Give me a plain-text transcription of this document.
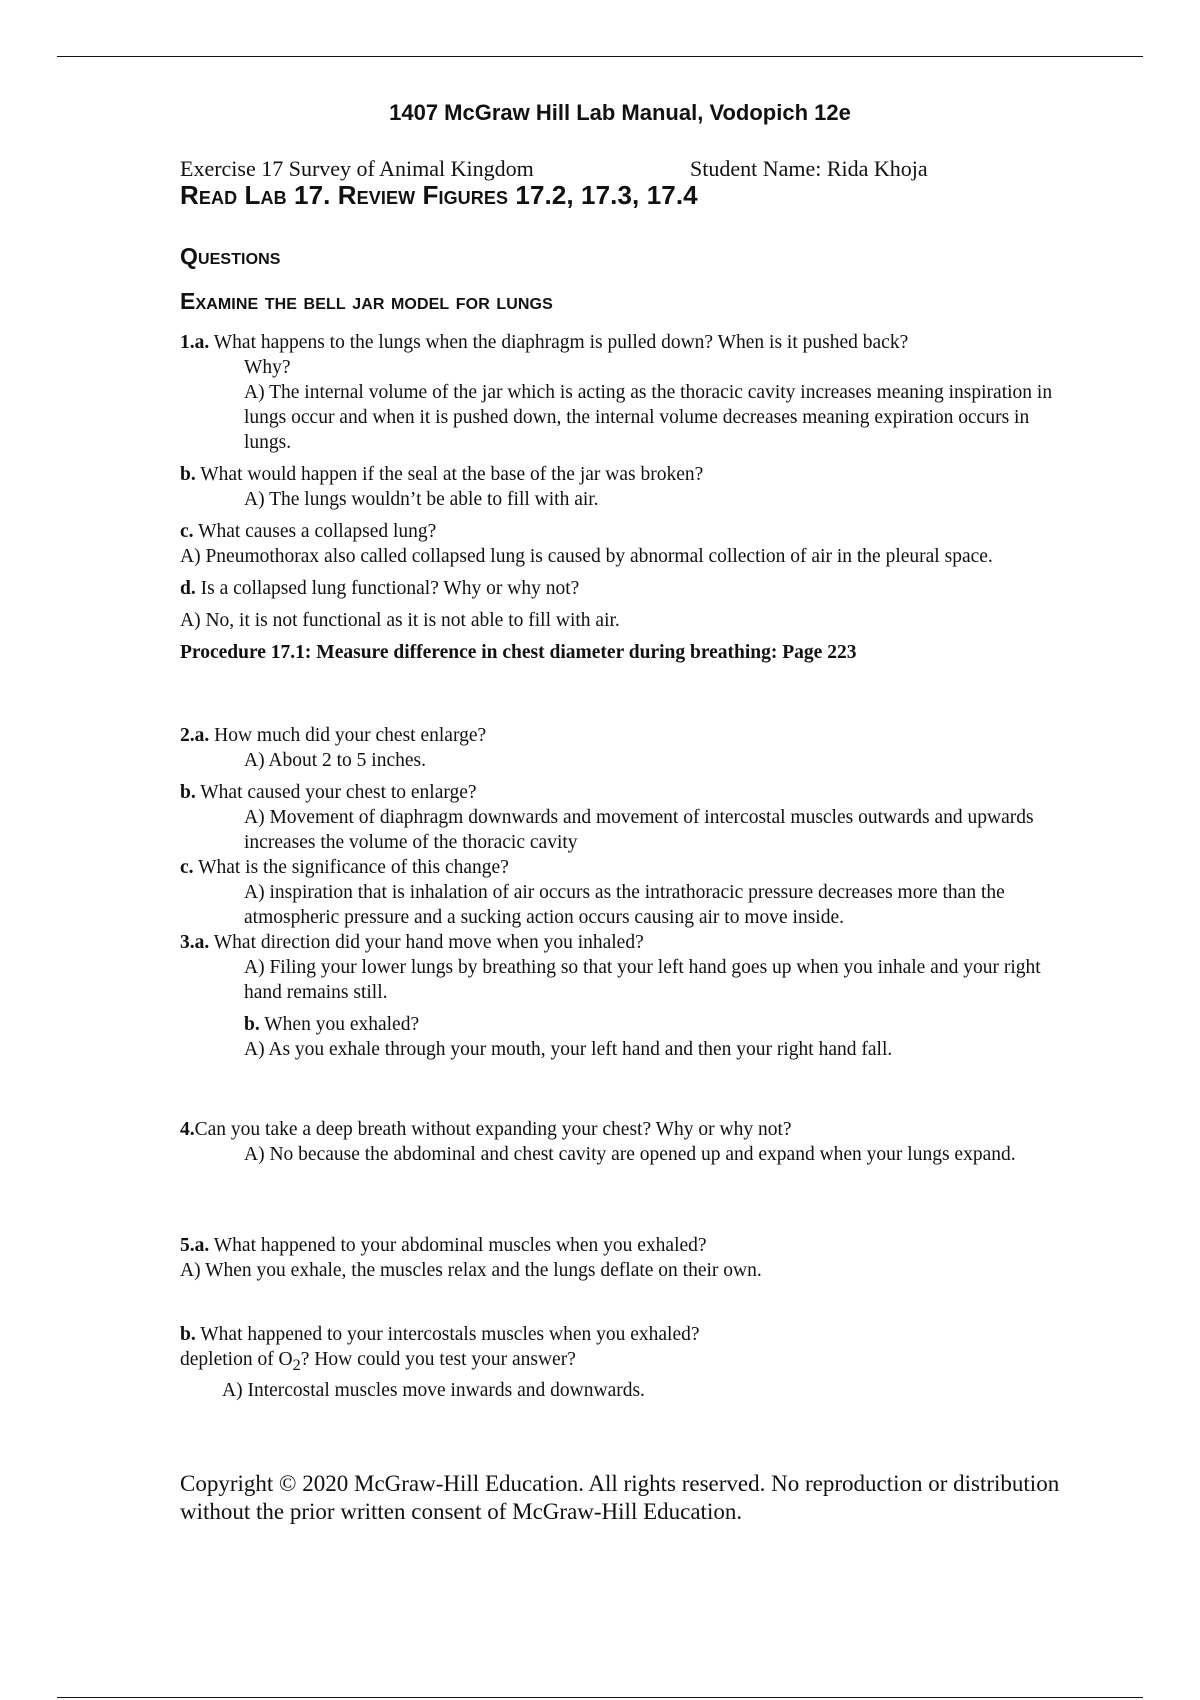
1407 McGraw Hill Lab Manual, Vodopich 12e
Exercise 17 Survey of Animal Kingdom	Student Name: Rida Khoja
Read Lab 17. Review Figures 17.2, 17.3, 17.4
Questions
Examine the bell jar model for lungs

1.a. What happens to the lungs when the diaphragm is pulled down? When is it pushed back?

Why?

A) The internal volume of the jar which is acting as the thoracic cavity increases meaning inspiration in lungs occur and when it is pushed down, the internal volume decreases meaning expiration occurs in lungs.

b. What would happen if the seal at the base of the jar was broken?

A) The lungs wouldn’t be able to fill with air.

c. What causes a collapsed lung?

A) Pneumothorax also called collapsed lung is caused by abnormal collection of air in the pleural space.

d. Is a collapsed lung functional? Why or why not?

A) No, it is not functional as it is not able to fill with air.

Procedure 17.1: Measure difference in chest diameter during breathing: Page 223

2.a. How much did your chest enlarge?

A) About 2 to 5 inches.

b. What caused your chest to enlarge?

A) Movement of diaphragm downwards and movement of intercostal muscles outwards and upwards increases the volume of the thoracic cavity

c. What is the significance of this change?

A) inspiration that is inhalation of air occurs as the intrathoracic pressure decreases more than the atmospheric pressure and a sucking action occurs causing air to move inside.

3.a. What direction did your hand move when you inhaled?

A) Filing your lower lungs by breathing so that your left hand goes up when you inhale and your right hand remains still.

b. When you exhaled?

A) As you exhale through your mouth, your left hand and then your right hand fall.

4.Can you take a deep breath without expanding your chest? Why or why not?

A) No because the abdominal and chest cavity are opened up and expand when your lungs expand.

5.a. What happened to your abdominal muscles when you exhaled?

A) When you exhale, the muscles relax and the lungs deflate on their own.

b. What happened to your intercostals muscles when you exhaled?

depletion of $O_2$? How could you test your answer?

A) Intercostal muscles move inwards and downwards.

Copyright © 2020 McGraw-Hill Education. All rights reserved. No reproduction or distribution without the prior written consent of McGraw-Hill Education.
